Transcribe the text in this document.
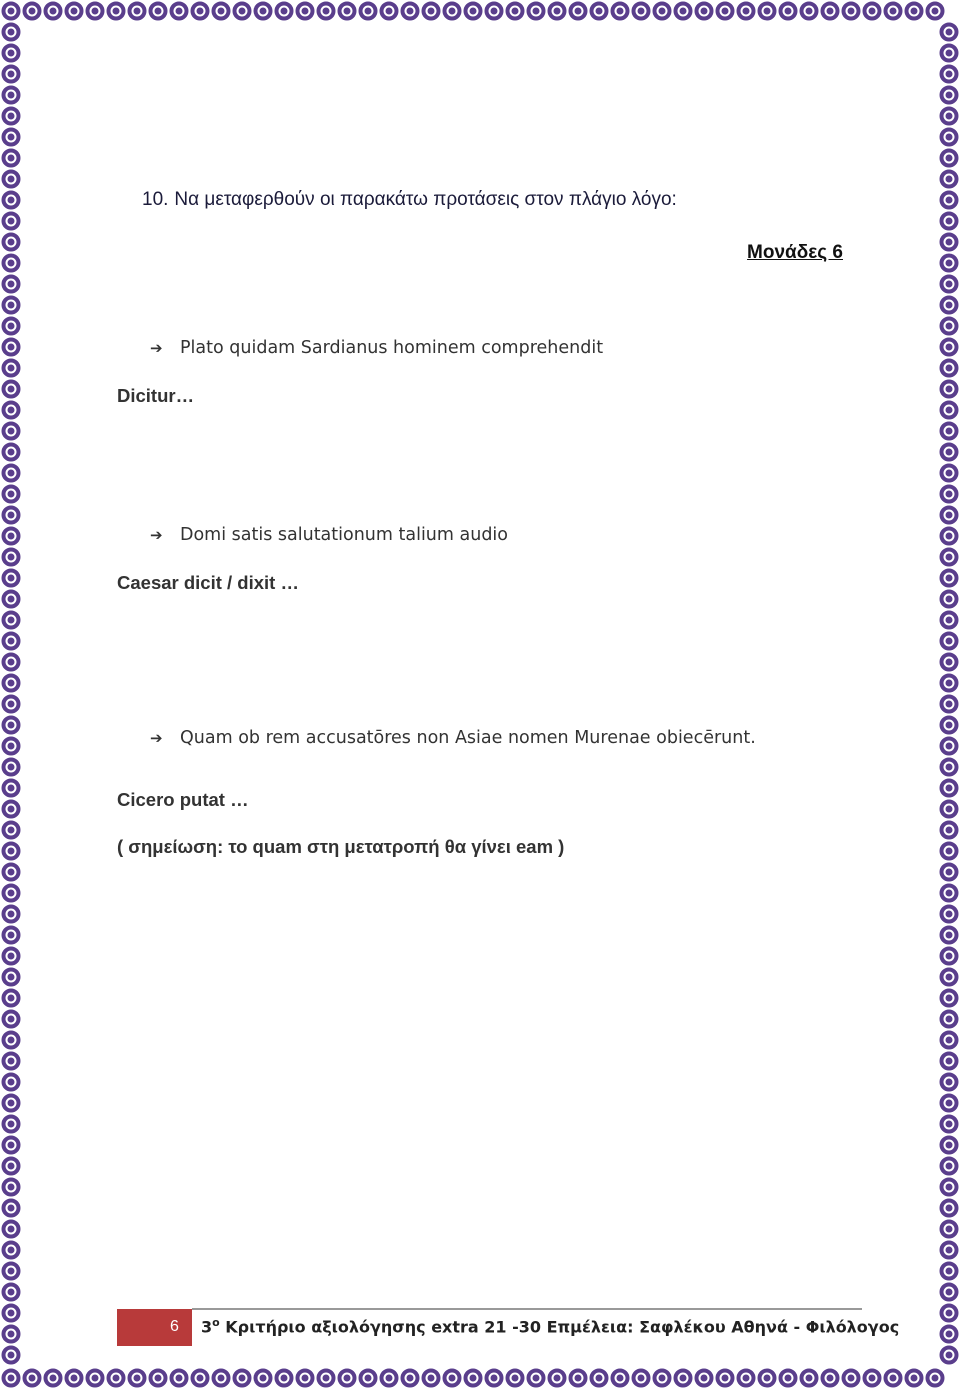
10. Να μεταφερθούν οι παρακάτω προτάσεις στον πλάγιο λόγο:
Μονάδες 6
➔ Plato quidam Sardianus hominem comprehendit
Dicitur…
➔ Domi satis salutationum talium audio
Caesar dicit / dixit …
➔ Quam ob rem accusatōres non Asiae nomen Murenae obiecērunt.
Cicero putat …
( σημείωση: το quam στη μετατροπή θα γίνει eam )
6 $3^o$ Κριτήριο αξιολόγησης extra 21 -30 Επμέλεια: Σαφλέκου Αθηνά - Φιλόλογος
